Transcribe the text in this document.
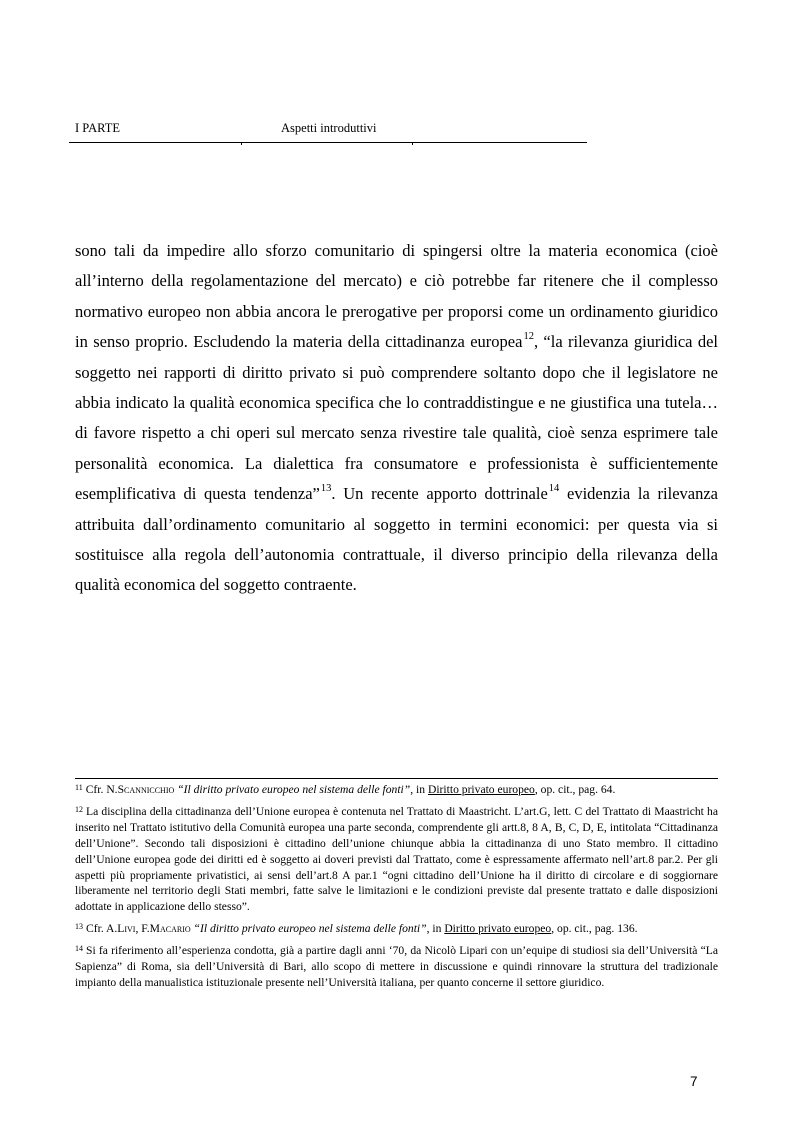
I PARTE	Aspetti introduttivi

sono tali da impedire allo sforzo comunitario di spingersi oltre la materia economica (cioè all’interno della regolamentazione del mercato) e ciò potrebbe far ritenere che il complesso normativo europeo non abbia ancora le prerogative per proporsi come un ordinamento giuridico in senso proprio. Escludendo la materia della cittadinanza europea$^{12}$, “la rilevanza giuridica del soggetto nei rapporti di diritto privato si può comprendere soltanto dopo che il legislatore ne abbia indicato la qualità economica specifica che lo contraddistingue e ne giustifica una tutela…di favore rispetto a chi operi sul mercato senza rivestire tale qualità, cioè senza esprimere tale personalità economica. La dialettica fra consumatore e professionista è sufficientemente esemplificativa di questa tendenza”$^{13}$. Un recente apporto dottrinale$^{14}$ evidenzia la rilevanza attribuita dall’ordinamento comunitario al soggetto in termini economici: per questa via si sostituisce alla regola dell’autonomia contrattuale, il diverso principio della rilevanza della qualità economica del soggetto contraente.

$^{11}$ Cfr. N.Scannicchio “Il diritto privato europeo nel sistema delle fonti”, in Diritto privato europeo, op. cit., pag. 64.

$^{12}$ La disciplina della cittadinanza dell’Unione europea è contenuta nel Trattato di Maastricht. L’art.G, lett. C del Trattato di Maastricht ha inserito nel Trattato istitutivo della Comunità europea una parte seconda, comprendente gli artt.8, 8 A, B, C, D, E, intitolata “Cittadinanza dell’Unione”. Secondo tali disposizioni è cittadino dell’unione chiunque abbia la cittadinanza di uno Stato membro. Il cittadino dell’Unione europea gode dei diritti ed è soggetto ai doveri previsti dal Trattato, come è espressamente affermato nell’art.8 par.2. Per gli aspetti più propriamente privatistici, ai sensi dell’art.8 A par.1 “ogni cittadino dell’Unione ha il diritto di circolare e di soggiornare liberamente nel territorio degli Stati membri, fatte salve le limitazioni e le condizioni previste dal presente trattato e dalle disposizioni adottate in applicazione dello stesso”.

$^{13}$ Cfr. A.Livi, F.Macario “Il diritto privato europeo nel sistema delle fonti”, in Diritto privato europeo, op. cit., pag. 136.

$^{14}$ Si fa riferimento all’esperienza condotta, già a partire dagli anni ‘70, da Nicolò Lipari con un’equipe di studiosi sia dell’Università “La Sapienza” di Roma, sia dell’Università di Bari, allo scopo di mettere in discussione e quindi rinnovare la struttura del tradizionale impianto della manualistica istituzionale presente nell’Università italiana, per quanto concerne il settore giuridico.

7
